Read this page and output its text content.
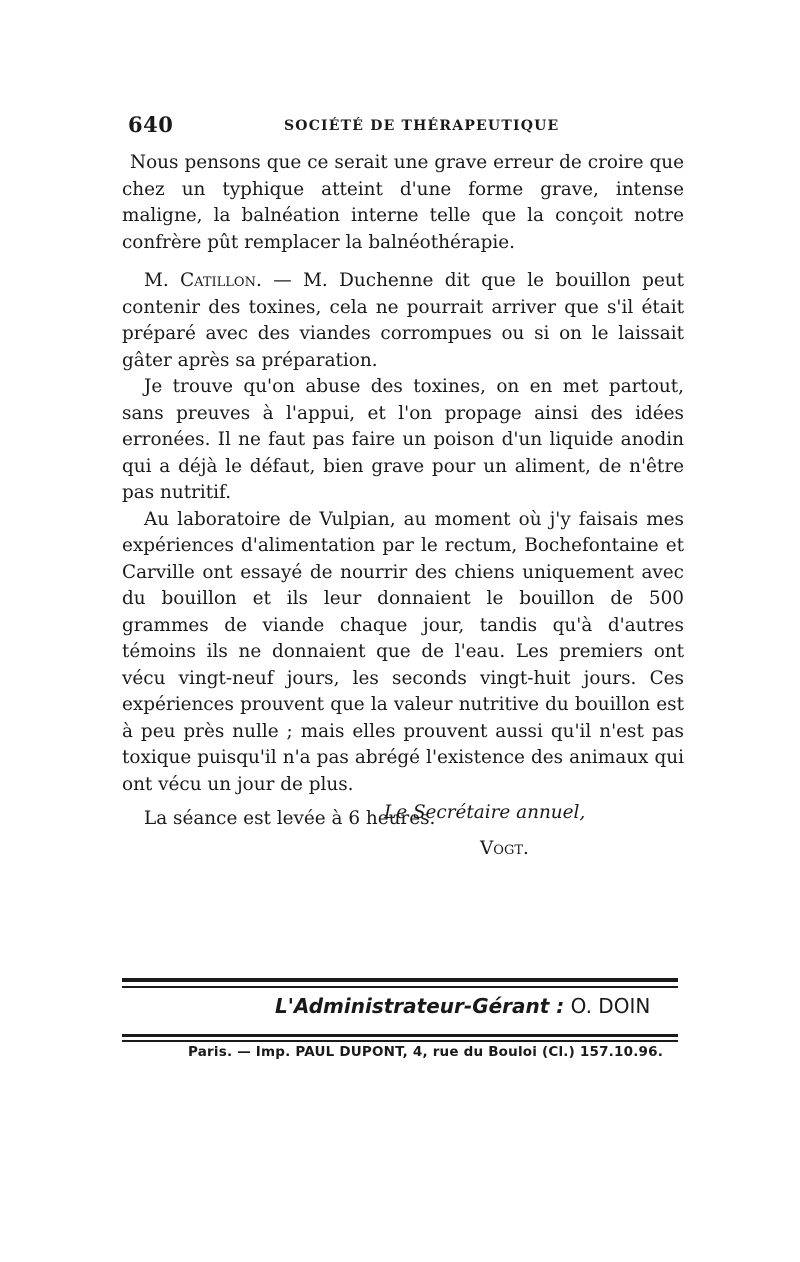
640	SOCIÉTÉ DE THÉRAPEUTIQUE

Nous pensons que ce serait une grave erreur de croire que chez un typhique atteint d'une forme grave, intense maligne, la balnéation interne telle que la conçoit notre confrère pût remplacer la balnéothérapie.

M. Catillon. — M. Duchenne dit que le bouillon peut contenir des toxines, cela ne pourrait arriver que s'il était préparé avec des viandes corrompues ou si on le laissait gâter après sa préparation.

Je trouve qu'on abuse des toxines, on en met partout, sans preuves à l'appui, et l'on propage ainsi des idées erronées. Il ne faut pas faire un poison d'un liquide anodin qui a déjà le défaut, bien grave pour un aliment, de n'être pas nutritif.

Au laboratoire de Vulpian, au moment où j'y faisais mes expériences d'alimentation par le rectum, Bochefontaine et Carville ont essayé de nourrir des chiens uniquement avec du bouillon et ils leur donnaient le bouillon de 500 grammes de viande chaque jour, tandis qu'à d'autres témoins ils ne donnaient que de l'eau. Les premiers ont vécu vingt-neuf jours, les seconds vingt-huit jours. Ces expériences prouvent que la valeur nutritive du bouillon est à peu près nulle ; mais elles prouvent aussi qu'il n'est pas toxique puisqu'il n'a pas abrégé l'existence des animaux qui ont vécu un jour de plus.

La séance est levée à 6 heures.

Le Secrétaire annuel,
Vogt.
L'Administrateur-Gérant : O. DOIN
Paris. — Imp. PAUL DUPONT, 4, rue du Bouloi (Cl.) 157.10.96.
